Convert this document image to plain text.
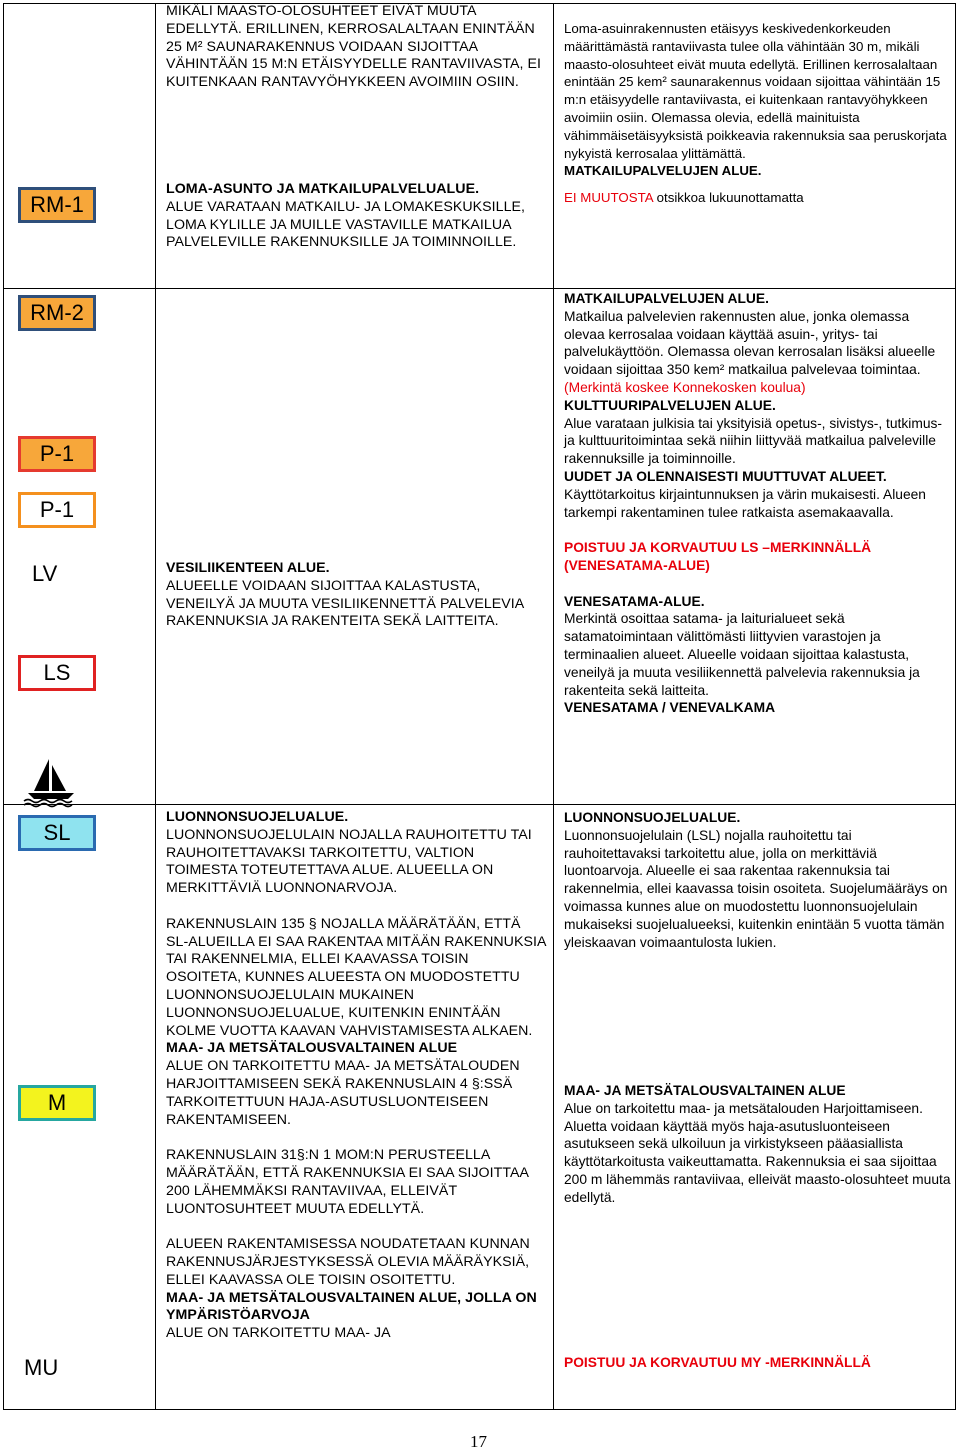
RM-1
RM-2
P-1
P-1
LV
LS
SL
M
MU

MIKÄLI MAASTO-OLOSUHTEET EIVÄT MUUTA EDELLYTÄ. ERILLINEN, KERROSALALTAAN ENINTÄÄN 25 M² SAUNARAKENNUS VOIDAAN SIJOITTAA VÄHINTÄÄN 15 M:N ETÄISYYDELLE RANTAVIIVASTA, EI KUITENKAAN RANTAVYÖHYKKEEN AVOIMIIN OSIIN.

LOMA-ASUNTO JA MATKAILUPALVELUALUE.

ALUE VARATAAN MATKAILU- JA LOMAKESKUKSILLE, LOMA KYLILLE JA MUILLE VASTAVILLE MATKAILUA PALVELEVILLE RAKENNUKSILLE JA TOIMINNOILLE.

VESILIIKENTEEN ALUE.

ALUEELLE VOIDAAN SIJOITTAA KALASTUSTA, VENEILYÄ JA MUUTA VESILIIKENNETTÄ PALVELEVIA RAKENNUKSIA JA RAKENTEITA SEKÄ LAITTEITA.

LUONNONSUOJELUALUE.

LUONNONSUOJELULAIN NOJALLA RAUHOITETTU TAI RAUHOITETTAVAKSI TARKOITETTU, VALTION TOIMESTA TOTEUTETTAVA ALUE. ALUEELLA ON MERKITTÄVIÄ LUONNONARVOJA.

RAKENNUSLAIN 135 § NOJALLA MÄÄRÄTÄÄN, ETTÄ SL-ALUEILLA EI SAA RAKENTAA MITÄÄN RAKENNUKSIA TAI RAKENNELMIA, ELLEI KAAVASSA TOISIN OSOITETA, KUNNES ALUEESTA ON MUODOSTETTU LUONNONSUOJELULAIN MUKAINEN LUONNONSUOJELUALUE, KUITENKIN ENINTÄÄN KOLME VUOTTA KAAVAN VAHVISTAMISESTA ALKAEN.

MAA- JA METSÄTALOUSVALTAINEN ALUE

ALUE ON TARKOITETTU MAA- JA METSÄTALOUDEN HARJOITTAMISEEN SEKÄ RAKENNUSLAIN 4 §:SSÄ TARKOITETTUUN HAJA-ASUTUSLUONTEISEEN RAKENTAMISEEN.

RAKENNUSLAIN 31§:N 1 MOM:N PERUSTEELLA MÄÄRÄTÄÄN, ETTÄ RAKENNUKSIA EI SAA SIJOITTAA 200 LÄHEMMÄKSI RANTAVIIVAA, ELLEIVÄT LUONTOSUHTEET MUUTA EDELLYTÄ.

ALUEEN RAKENTAMISESSA NOUDATETAAN KUNNAN RAKENNUSJÄRJESTYKSESSÄ OLEVIA MÄÄRÄYKSIÄ, ELLEI KAAVASSA OLE TOISIN OSOITETTU.

MAA- JA METSÄTALOUSVALTAINEN ALUE, JOLLA ON YMPÄRISTÖARVOJA

ALUE ON TARKOITETTU MAA- JA

Loma-asuinrakennusten etäisyys keskivedenkorkeuden määrittämästä rantaviivasta tulee olla vähintään 30 m, mikäli maasto-olosuhteet eivät muuta edellytä. Erillinen kerrosalaltaan enintään 25 kem² saunarakennus voidaan sijoittaa vähintään 15 m:n etäisyydelle rantaviivasta, ei kuitenkaan rantavyöhykkeen avoimiin osiin. Olemassa olevia, edellä mainituista vähimmäisetäisyyksistä poikkeavia rakennuksia saa peruskorjata nykyistä kerrosalaa ylittämättä.

MATKAILUPALVELUJEN ALUE.

EI MUUTOSTA otsikkoa lukuunottamatta

MATKAILUPALVELUJEN ALUE.

Matkailua palvelevien rakennusten alue, jonka olemassa olevaa kerrosalaa voidaan käyttää asuin-, yritys- tai palvelukäyttöön. Olemassa olevan kerrosalan lisäksi alueelle voidaan sijoittaa 350 kem² matkailua palvelevaa toimintaa. (Merkintä koskee Konnekosken koulua)

KULTTUURIPALVELUJEN ALUE.

Alue varataan julkisia tai yksityisiä opetus-, sivistys-, tutkimus- ja kulttuuritoimintaa sekä niihin liittyvää matkailua palveleville rakennuksille ja toiminnoille.

UUDET JA OLENNAISESTI MUUTTUVAT ALUEET.

Käyttötarkoitus kirjaintunnuksen ja värin mukaisesti. Alueen tarkempi rakentaminen tulee ratkaista asemakaavalla.

POISTUU JA KORVAUTUU LS –MERKINNÄLLÄ (VENESATAMA-ALUE)

VENESATAMA-ALUE.

Merkintä osoittaa satama- ja laiturialueet sekä satamatoimintaan välittömästi liittyvien varastojen ja terminaalien alueet. Alueelle voidaan sijoittaa kalastusta, veneilyä ja muuta vesiliikennettä palvelevia rakennuksia ja rakenteita sekä laitteita.

VENESATAMA / VENEVALKAMA

LUONNONSUOJELUALUE.

Luonnonsuojelulain (LSL) nojalla rauhoitettu tai rauhoitettavaksi tarkoitettu alue, jolla on merkittäviä luontoarvoja. Alueelle ei saa rakentaa rakennuksia tai rakennelmia, ellei kaavassa toisin osoiteta. Suojelumääräys on voimassa kunnes alue on muodostettu luonnonsuojelulain mukaiseksi suojelualueeksi, kuitenkin enintään 5 vuotta tämän yleiskaavan voimaantulosta lukien.

MAA- JA METSÄTALOUSVALTAINEN ALUE

Alue on tarkoitettu maa- ja metsätalouden Harjoittamiseen. Aluetta voidaan käyttää myös haja-asutusluonteiseen asutukseen sekä ulkoiluun ja virkistykseen pääasiallista käyttötarkoitusta vaikeuttamatta. Rakennuksia ei saa sijoittaa 200 m lähemmäs rantaviivaa, elleivät maasto-olosuhteet muuta edellytä.

POISTUU JA KORVAUTUU MY -MERKINNÄLLÄ

17
